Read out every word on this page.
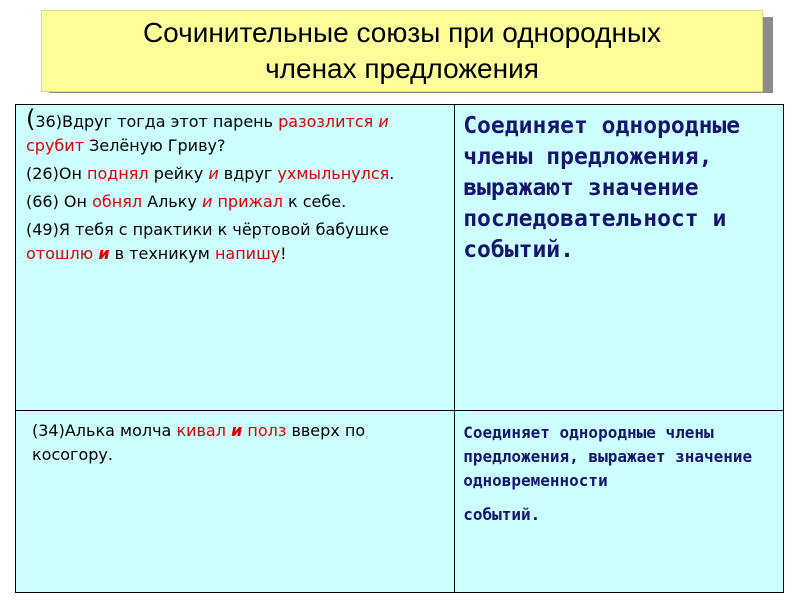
Сочинительные союзы при однородных
членах предложения

(36)Вдруг тогда этот парень разозлится и срубит Зелёную Гриву?

(26)Он поднял рейку и вдруг ухмыльнулся.

(66) Он обнял Альку и прижал к себе.

(49)Я тебя с практики к чёртовой бабушке отошлю и в техникум напишу!	Соединяет однородные члены предложения, выражают значение последовательност и событий.

(34)Алька молча кивал и полз вверх по косогору.	Соединяет однородные члены предложения, выражает значение одновременности
событий.
